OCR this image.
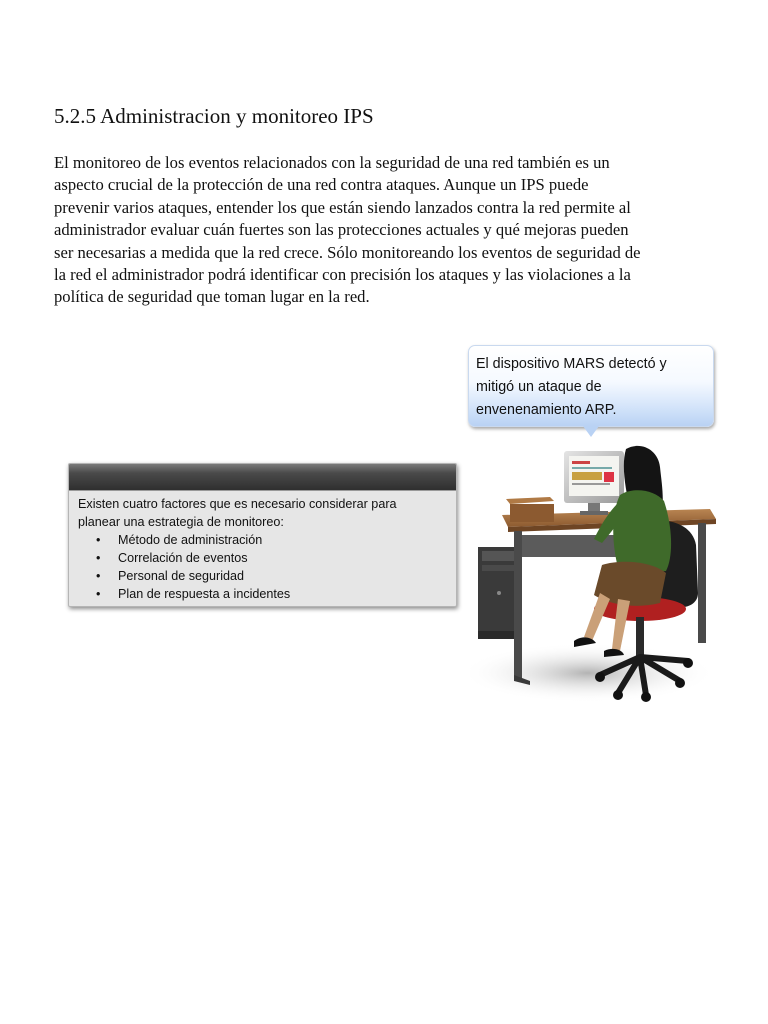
5.2.5 Administracion y monitoreo IPS
El monitoreo de los eventos relacionados con la seguridad de una red también es un
aspecto crucial de la protección de una red contra ataques. Aunque un IPS puede
prevenir varios ataques, entender los que están siendo lanzados contra la red permite al
administrador evaluar cuán fuertes son las protecciones actuales y qué mejoras pueden
ser necesarias a medida que la red crece. Sólo monitoreando los eventos de seguridad de
la red el administrador podrá identificar con precisión los ataques y las violaciones a la
política de seguridad que toman lugar en la red.
El dispositivo MARS detectó y
mitigó un ataque de
envenenamiento ARP.
Existen cuatro factores que es necesario considerar para
planear una estrategia de monitoreo:
• Método de administración
• Correlación de eventos
• Personal de seguridad
• Plan de respuesta a incidentes
